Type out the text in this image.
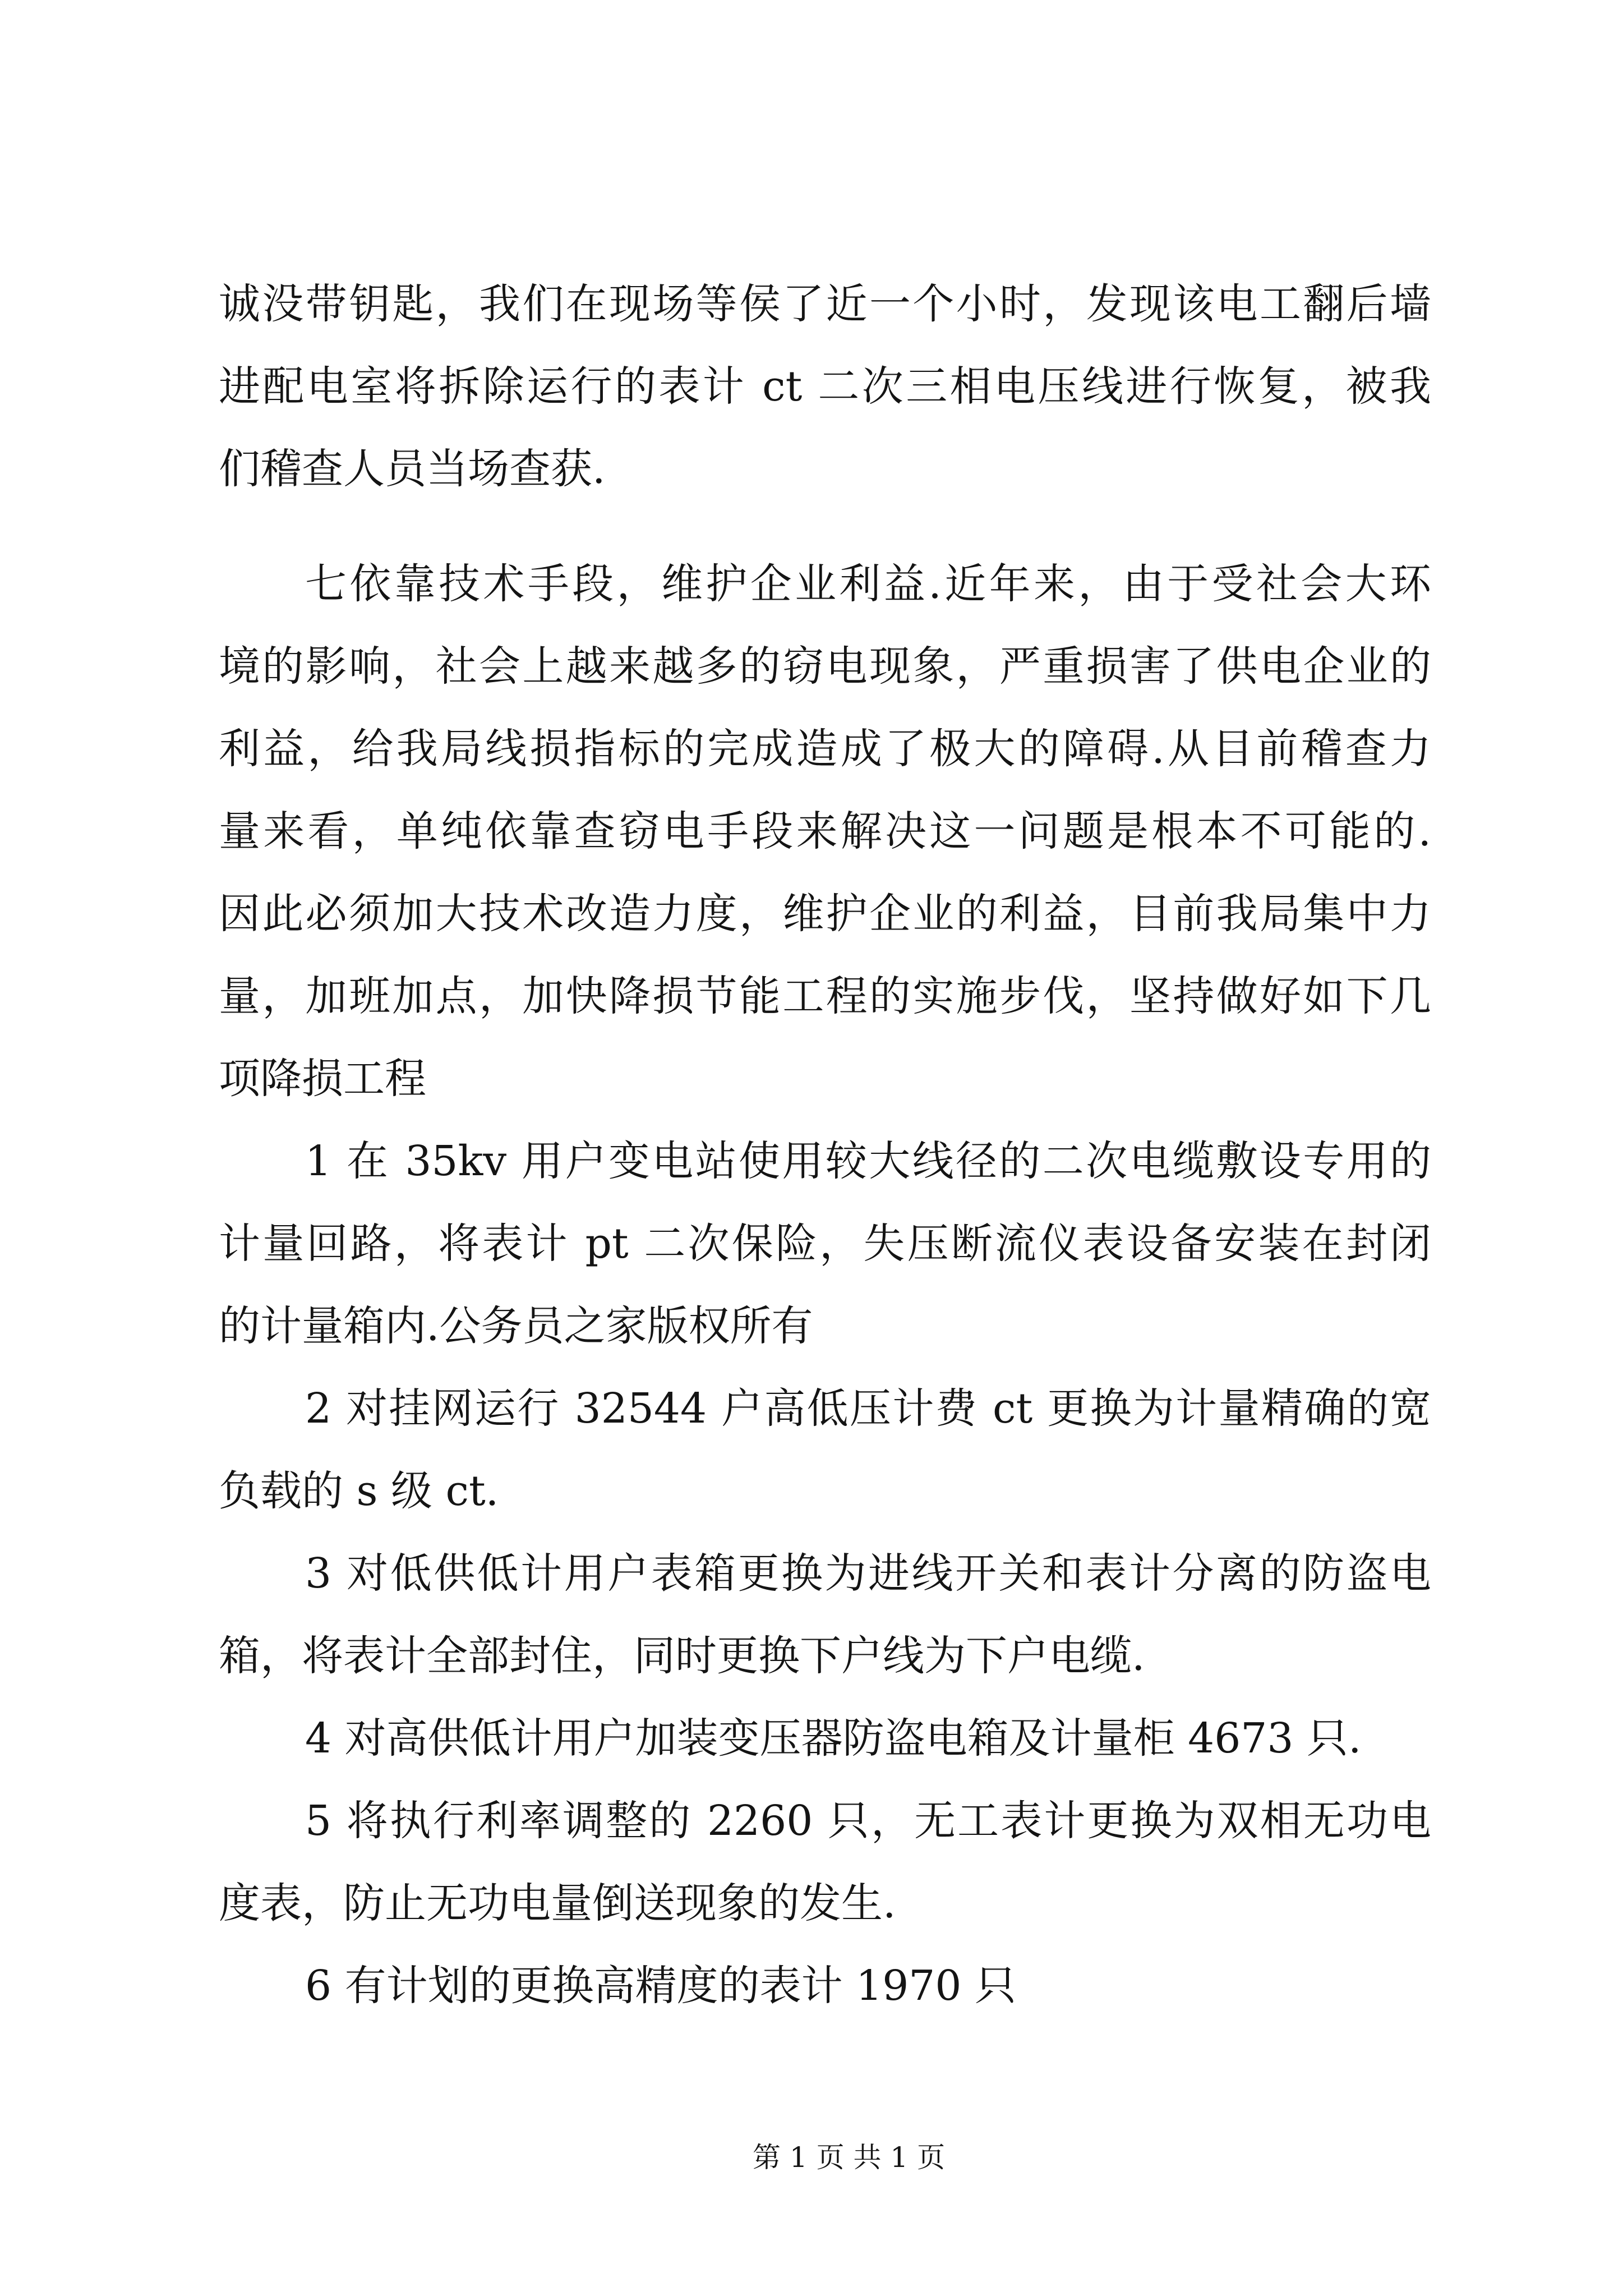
诚没带钥匙，我们在现场等侯了近一个小时，发现该电工翻后墙
进配电室将拆除运行的表计 ct 二次三相电压线进行恢复，被我
们稽查人员当场查获.
七依靠技术手段，维护企业利益.近年来，由于受社会大环
境的影响，社会上越来越多的窃电现象，严重损害了供电企业的
利益，给我局线损指标的完成造成了极大的障碍.从目前稽查力
量来看，单纯依靠查窃电手段来解决这一问题是根本不可能的.
因此必须加大技术改造力度，维护企业的利益，目前我局集中力
量，加班加点，加快降损节能工程的实施步伐，坚持做好如下几
项降损工程
1 在 35kv 用户变电站使用较大线径的二次电缆敷设专用的
计量回路，将表计 pt 二次保险，失压断流仪表设备安装在封闭
的计量箱内.公务员之家版权所有
2 对挂网运行 32544 户高低压计费 ct 更换为计量精确的宽
负载的 s 级 ct.
3 对低供低计用户表箱更换为进线开关和表计分离的防盗电
箱，将表计全部封住，同时更换下户线为下户电缆.
4 对高供低计用户加装变压器防盗电箱及计量柜 4673 只.
5 将执行利率调整的 2260 只，无工表计更换为双相无功电
度表，防止无功电量倒送现象的发生.
6 有计划的更换高精度的表计 1970 只
第 1 页 共 1 页
